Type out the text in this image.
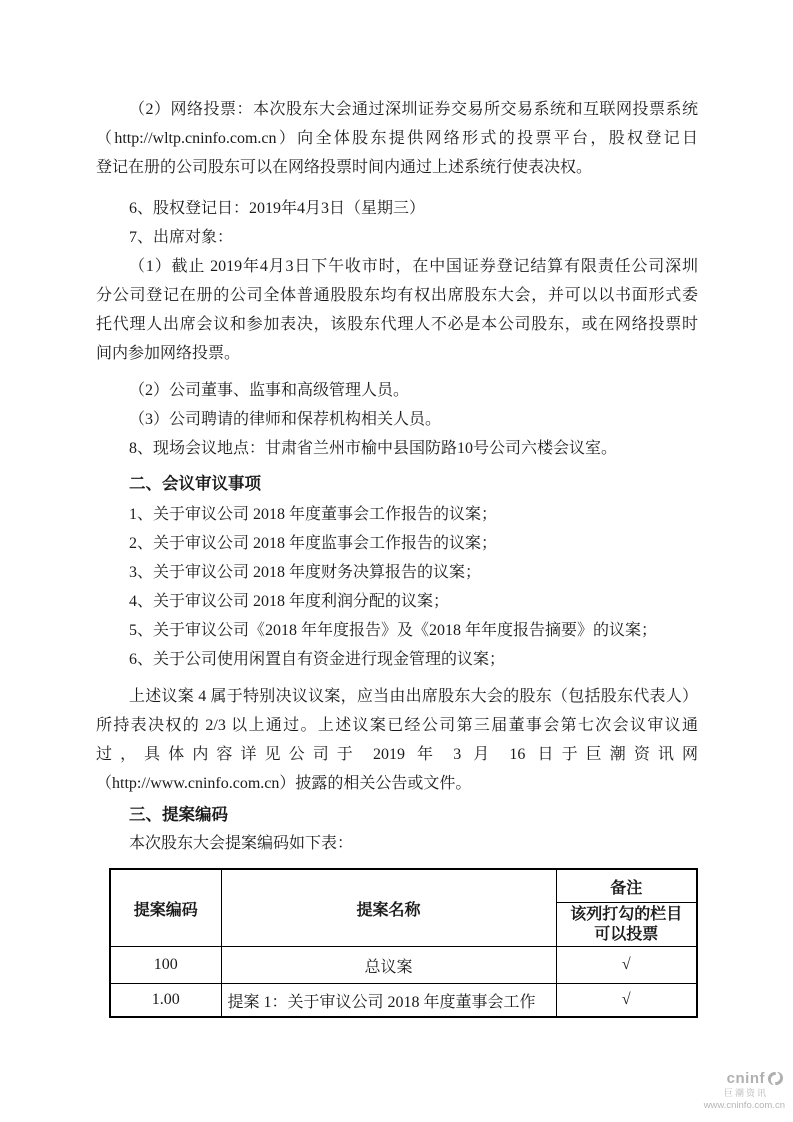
（2）网络投票：本次股东大会通过深圳证券交易所交易系统和互联网投票系统
（http://wltp.cninfo.com.cn）向全体股东提供网络形式的投票平台，股权登记日
登记在册的公司股东可以在网络投票时间内通过上述系统行使表决权。
6、股权登记日：2019年4月3日（星期三）
7、出席对象：
（1）截止 2019年4月3日下午收市时，在中国证券登记结算有限责任公司深圳
分公司登记在册的公司全体普通股股东均有权出席股东大会，并可以以书面形式委
托代理人出席会议和参加表决，该股东代理人不必是本公司股东，或在网络投票时
间内参加网络投票。
（2）公司董事、监事和高级管理人员。
（3）公司聘请的律师和保荐机构相关人员。
8、现场会议地点：甘肃省兰州市榆中县国防路10号公司六楼会议室。
二、会议审议事项
1、关于审议公司 2018 年度董事会工作报告的议案；
2、关于审议公司 2018 年度监事会工作报告的议案；
3、关于审议公司 2018 年度财务决算报告的议案；
4、关于审议公司 2018 年度利润分配的议案；
5、关于审议公司《2018 年年度报告》及《2018 年年度报告摘要》的议案；
6、关于公司使用闲置自有资金进行现金管理的议案；
上述议案 4 属于特别决议议案，应当由出席股东大会的股东（包括股东代表人）
所持表决权的 2/3 以上通过。上述议案已经公司第三届董事会第七次会议审议通
过，具体内容详见公司于 2019 年 3 月 16 日于巨潮资讯网
（http://www.cninfo.com.cn）披露的相关公告或文件。
三、提案编码
本次股东大会提案编码如下表：
提案编码	提案名称	备注
		该列打勾的栏目可以投票
100	总议案	√
1.00	提案 1：关于审议公司 2018 年度董事会工作	√
cninf
巨潮资讯
www.cninfo.com.cn
